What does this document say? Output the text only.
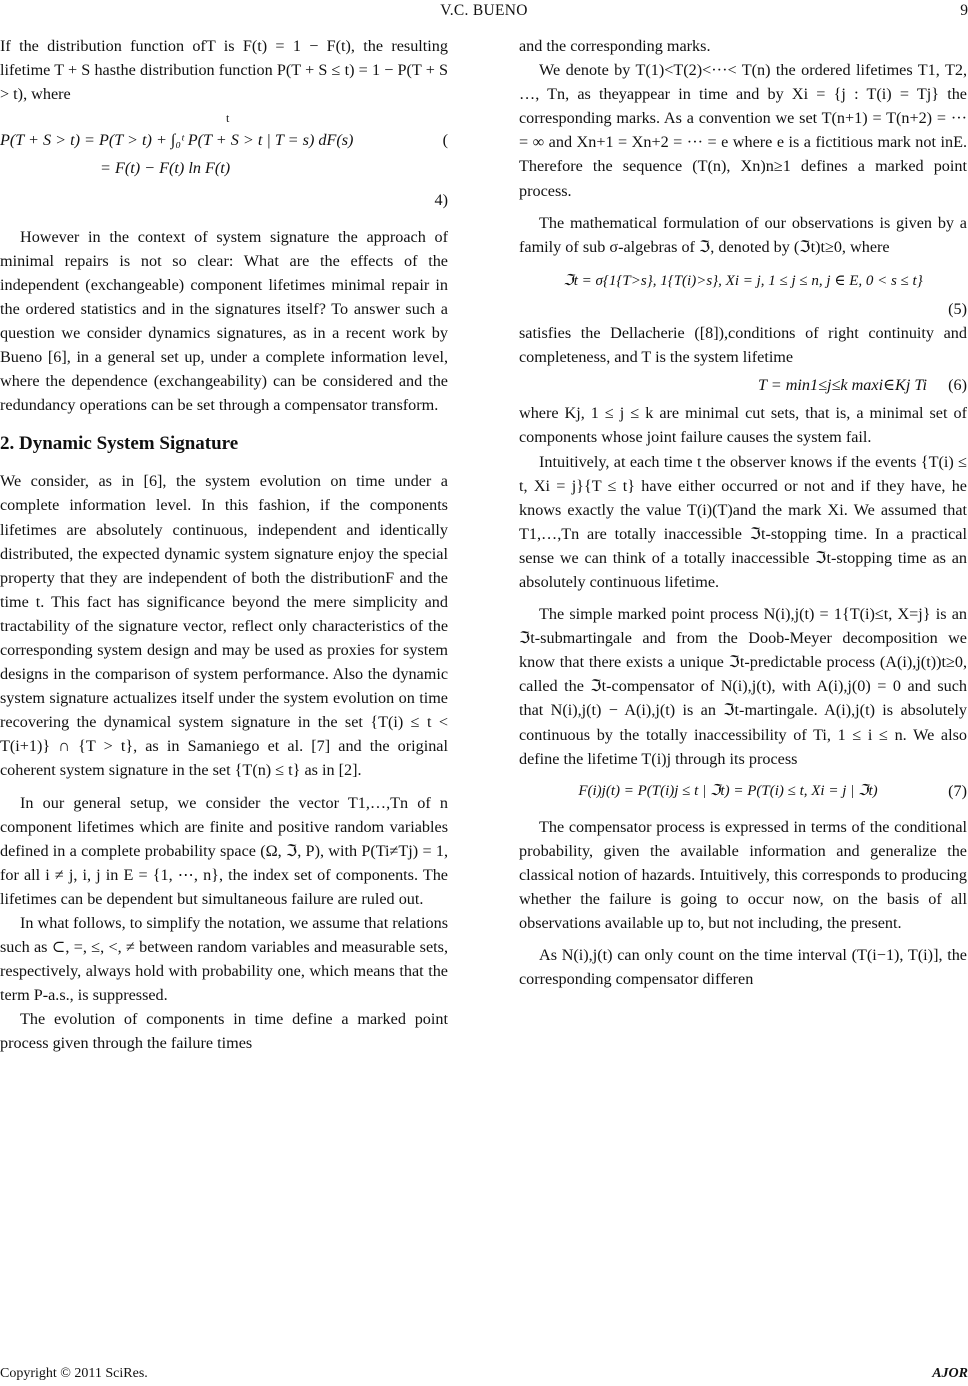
V.C. BUENO	9

If the distribution function ofT is F(t) = 1 − F(t), the resulting lifetime T + S hasthe distribution function P(T + S ≤ t) = 1 − P(T + S > t), where

t
P(T + S > t) = P(T > t) + ∫₀ᵗ P(T + S > t | T = s) dF(s)	(
= F(t) − F(t) ln F(t)
4)

However in the context of system signature the approach of minimal repairs is not so clear: What are the effects of the independent (exchangeable) component lifetimes minimal repair in the ordered statistics and in the signatures itself? To answer such a question we consider dynamics signatures, as in a recent work by Bueno [6], in a general set up, under a complete information level, where the dependence (exchangeability) can be considered and the redundancy operations can be set through a compensator transform.

2. Dynamic System Signature

We consider, as in [6], the system evolution on time under a complete information level. In this fashion, if the components lifetimes are absolutely continuous, independent and identically distributed, the expected dynamic system signature enjoy the special property that they are independent of both the distributionF and the time t. This fact has significance beyond the mere simplicity and tractability of the signature vector, reflect only characteristics of the corresponding system design and may be used as proxies for system designs in the comparison of system performance. Also the dynamic system signature actualizes itself under the system evolution on time recovering the dynamical system signature in the set {T(i) ≤ t < T(i+1)} ∩ {T > t}, as in Samaniego et al. [7] and the original coherent system signature in the set {T(n) ≤ t} as in [2].

In our general setup, we consider the vector T1,…,Tn of n component lifetimes which are finite and positive random variables defined in a complete probability space (Ω, ℑ, P), with P(Ti≠Tj) = 1, for all i ≠ j, i, j in E = {1, ⋯, n}, the index set of components. The lifetimes can be dependent but simultaneous failure are ruled out.

In what follows, to simplify the notation, we assume that relations such as ⊂, =, ≤, <, ≠ between random variables and measurable sets, respectively, always hold with probability one, which means that the term P-a.s., is suppressed.

The evolution of components in time define a marked point process given through the failure times

and the corresponding marks.

We denote by T(1)<T(2)<···< T(n) the ordered lifetimes T1, T2, …, Tn, as theyappear in time and by Xi = {j : T(i) = Tj} the corresponding marks. As a convention we set T(n+1) = T(n+2) = ··· = ∞ and Xn+1 = Xn+2 = ··· = e where e is a fictitious mark not inE. Therefore the sequence (T(n), Xn)n≥1 defines a marked point process.

The mathematical formulation of our observations is given by a family of sub σ-algebras of ℑ, denoted by (ℑt)t≥0, where

ℑt = σ{1{T>s}, 1{T(i)>s}, Xi = j, 1 ≤ j ≤ n, j ∈ E, 0 < s ≤ t}
(5)

satisfies the Dellacherie ([8]),conditions of right continuity and completeness, and T is the system lifetime

T = min1≤j≤k maxi∈Kj Ti	(6)

where Kj, 1 ≤ j ≤ k are minimal cut sets, that is, a minimal set of components whose joint failure causes the system fail.

Intuitively, at each time t the observer knows if the events {T(i) ≤ t, Xi = j}{T ≤ t} have either occurred or not and if they have, he knows exactly the value T(i)(T)and the mark Xi. We assumed that T1,…,Tn are totally inaccessible ℑt-stopping time. In a practical sense we can think of a totally inaccessible ℑt-stopping time as an absolutely continuous lifetime.

The simple marked point process N(i),j(t) = 1{T(i)≤t, X=j} is an ℑt-submartingale and from the Doob-Meyer decomposition we know that there exists a unique ℑt-predictable process (A(i),j(t))t≥0, called the ℑt-compensator of N(i),j(t), with A(i),j(0) = 0 and such that N(i),j(t) − A(i),j(t) is an ℑt-martingale. A(i),j(t) is absolutely continuous by the totally inaccessibility of Ti, 1 ≤ i ≤ n. We also define the lifetime T(i)j through its process

F(i)j(t) = P(T(i)j ≤ t | ℑt) = P(T(i) ≤ t, Xi = j | ℑt)	(7)

The compensator process is expressed in terms of the conditional probability, given the available information and generalize the classical notion of hazards. Intuitively, this corresponds to producing whether the failure is going to occur now, on the basis of all observations available up to, but not including, the present.

As N(i),j(t) can only count on the time interval (T(i−1), T(i)], the corresponding compensator differen

Copyright © 2011 SciRes.	AJOR
